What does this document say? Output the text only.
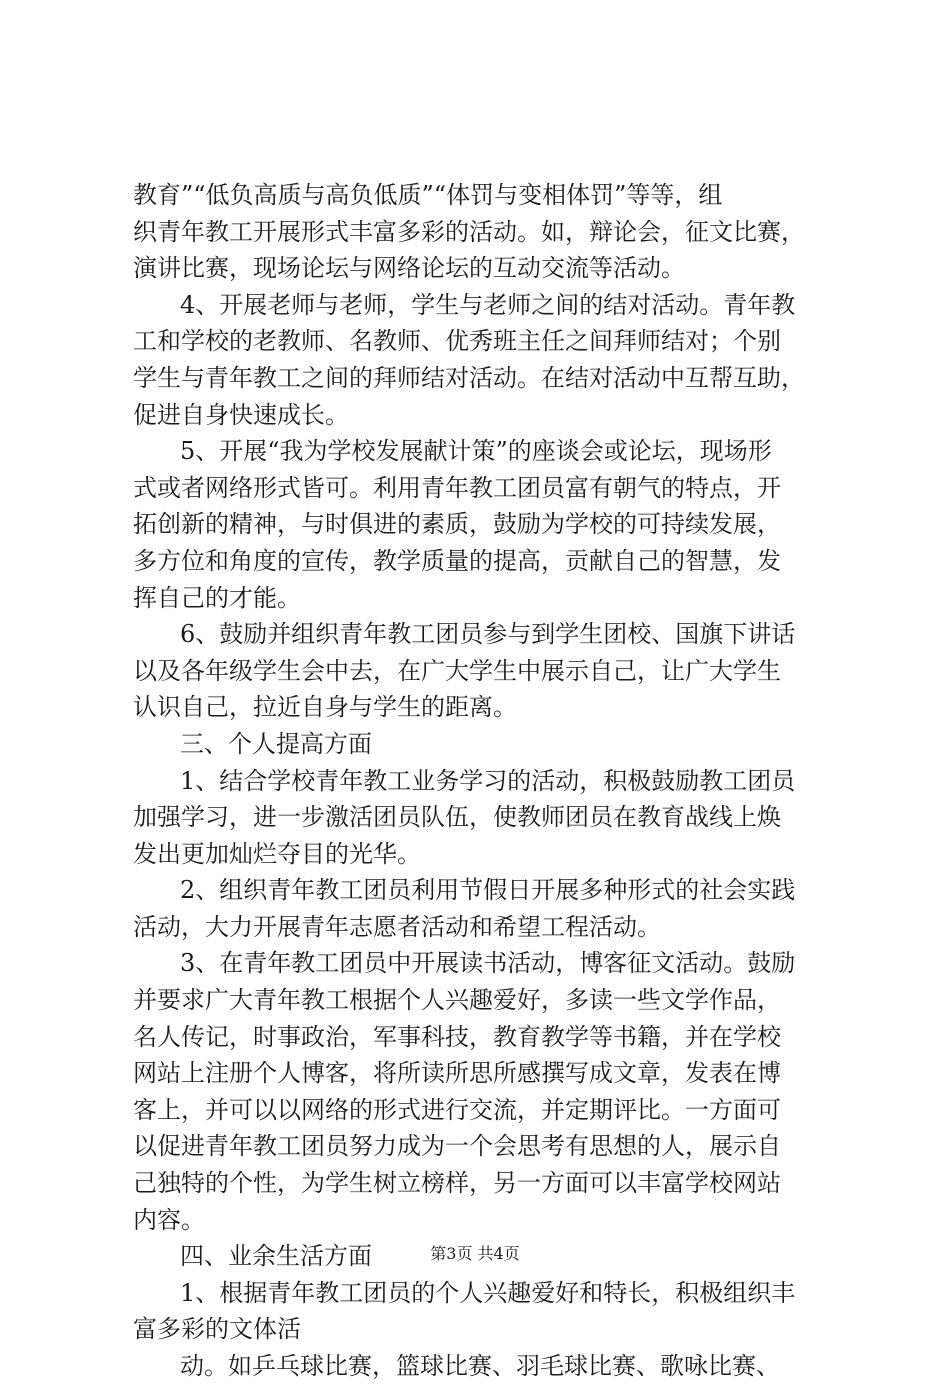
教育”“低负高质与高负低质”“体罚与变相体罚”等等，组
织青年教工开展形式丰富多彩的活动。如，辩论会，征文比赛，
演讲比赛，现场论坛与网络论坛的互动交流等活动。
4、开展老师与老师，学生与老师之间的结对活动。青年教
工和学校的老教师、名教师、优秀班主任之间拜师结对；个别
学生与青年教工之间的拜师结对活动。在结对活动中互帮互助，
促进自身快速成长。
5、开展“我为学校发展献计策”的座谈会或论坛，现场形
式或者网络形式皆可。利用青年教工团员富有朝气的特点，开
拓创新的精神，与时俱进的素质，鼓励为学校的可持续发展，
多方位和角度的宣传，教学质量的提高，贡献自己的智慧，发
挥自己的才能。
6、鼓励并组织青年教工团员参与到学生团校、国旗下讲话
以及各年级学生会中去，在广大学生中展示自己，让广大学生
认识自己，拉近自身与学生的距离。
三、个人提高方面
1、结合学校青年教工业务学习的活动，积极鼓励教工团员
加强学习，进一步激活团员队伍，使教师团员在教育战线上焕
发出更加灿烂夺目的光华。
2、组织青年教工团员利用节假日开展多种形式的社会实践
活动，大力开展青年志愿者活动和希望工程活动。
3、在青年教工团员中开展读书活动，博客征文活动。鼓励
并要求广大青年教工根据个人兴趣爱好，多读一些文学作品，
名人传记，时事政治，军事科技，教育教学等书籍，并在学校
网站上注册个人博客，将所读所思所感撰写成文章，发表在博
客上，并可以以网络的形式进行交流，并定期评比。一方面可
以促进青年教工团员努力成为一个会思考有思想的人，展示自
己独特的个性，为学生树立榜样，另一方面可以丰富学校网站
内容。
四、业余生活方面
1、根据青年教工团员的个人兴趣爱好和特长，积极组织丰
富多彩的文体活
动。如乒乓球比赛，篮球比赛、羽毛球比赛、歌咏比赛、
第3页 共4页
